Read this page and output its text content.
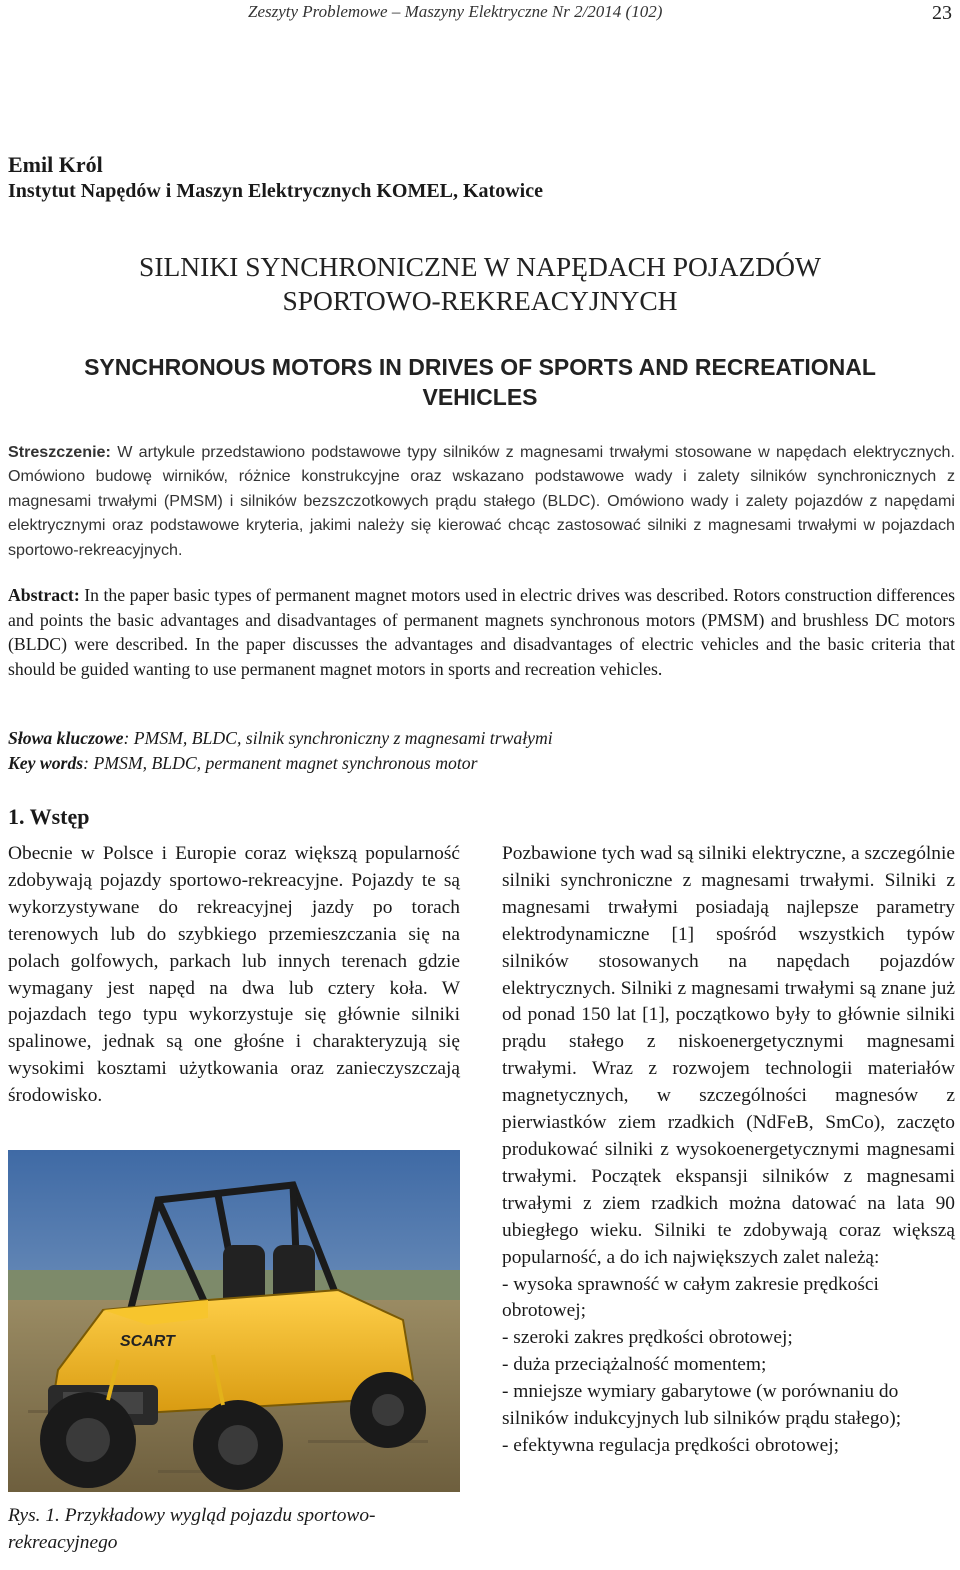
Zeszyty Problemowe – Maszyny Elektryczne Nr 2/2014 (102)	23
Emil Król
Instytut Napędów i Maszyn Elektrycznych KOMEL, Katowice
SILNIKI SYNCHRONICZNE W NAPĘDACH POJAZDÓW
SPORTOWO-REKREACYJNYCH
SYNCHRONOUS MOTORS IN DRIVES OF SPORTS AND RECREATIONAL
VEHICLES
Streszczenie: W artykule przedstawiono podstawowe typy silników z magnesami trwałymi stosowane w napędach elektrycznych. Omówiono budowę wirników, różnice konstrukcyjne oraz wskazano podstawowe wady i zalety silników synchronicznych z magnesami trwałymi (PMSM) i silników bezszczotkowych prądu stałego (BLDC). Omówiono wady i zalety pojazdów z napędami elektrycznymi oraz podstawowe kryteria, jakimi należy się kierować chcąc zastosować silniki z magnesami trwałymi w pojazdach sportowo-rekreacyjnych.
Abstract: In the paper basic types of permanent magnet motors used in electric drives was described. Rotors construction differences and points the basic advantages and disadvantages of permanent magnets synchronous motors (PMSM) and brushless DC motors (BLDC) were described. In the paper discusses the advantages and disadvantages of electric vehicles and the basic criteria that should be guided wanting to use permanent magnet motors in sports and recreation vehicles.
Słowa kluczowe: PMSM, BLDC, silnik synchroniczny z magnesami trwałymi
Key words: PMSM, BLDC, permanent magnet synchronous motor
1. Wstęp

Obecnie w Polsce i Europie coraz większą popularność zdobywają pojazdy sportowo-rekreacyjne. Pojazdy te są wykorzystywane do rekreacyjnej jazdy po torach terenowych lub do szybkiego przemieszczania się na polach golfowych, parkach lub innych terenach gdzie wymagany jest napęd na dwa lub cztery koła. W pojazdach tego typu wykorzystuje się głównie silniki spalinowe, jednak są one głośne i charakteryzują się wysokimi kosztami użytkowania oraz zanieczyszczają środowisko.

SCART
Rys. 1. Przykładowy wygląd pojazdu sportowo-rekreacyjnego

Pozbawione tych wad są silniki elektryczne, a szczególnie silniki synchroniczne z magnesami trwałymi. Silniki z magnesami trwałymi posiadają najlepsze parametry elektrodynamiczne [1] spośród wszystkich typów silników stosowanych na napędach pojazdów elektrycznych. Silniki z magnesami trwałymi są znane już od ponad 150 lat [1], początkowo były to głównie silniki prądu stałego z niskoenergetycznymi magnesami trwałymi. Wraz z rozwojem technologii materiałów magnetycznych, w szczególności magnesów z pierwiastków ziem rzadkich (NdFeB, SmCo), zaczęto produkować silniki z wysokoenergetycznymi magnesami trwałymi. Początek ekspansji silników z magnesami trwałymi z ziem rzadkich można datować na lata 90 ubiegłego wieku. Silniki te zdobywają coraz większą popularność, a do ich największych zalet należą:

- wysoka sprawność w całym zakresie prędkości obrotowej;
- szeroki zakres prędkości obrotowej;
- duża przeciążalność momentem;
- mniejsze wymiary gabarytowe (w porównaniu do silników indukcyjnych lub silników prądu stałego);
- efektywna regulacja prędkości obrotowej;
